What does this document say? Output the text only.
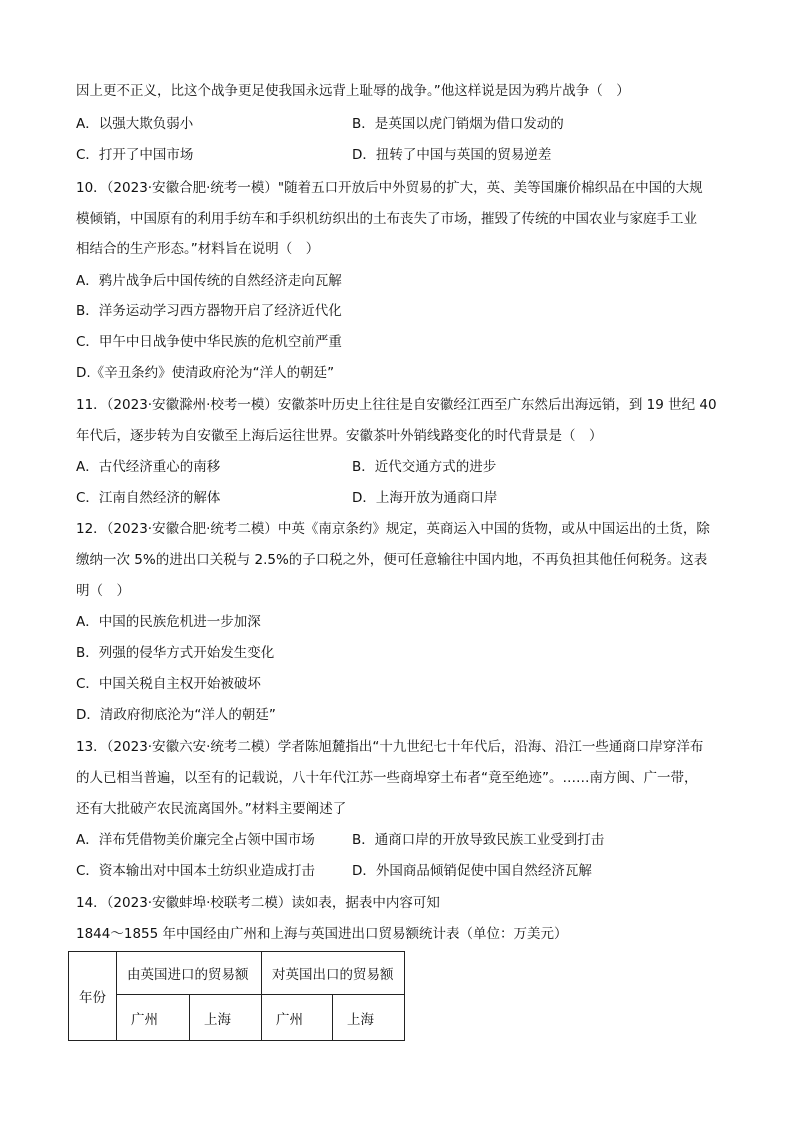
因上更不正义，比这个战争更足使我国永远背上耻辱的战争。”他这样说是因为鸦片战争（　）
A．以强大欺负弱小	B．是英国以虎门销烟为借口发动的
C．打开了中国市场	D．扭转了中国与英国的贸易逆差
10．（2023·安徽合肥·统考一模）"随着五口开放后中外贸易的扩大，英、美等国廉价棉织品在中国的大规
模倾销，中国原有的利用手纺车和手织机纺织出的土布丧失了市场，摧毁了传统的中国农业与家庭手工业
相结合的生产形态。”材料旨在说明（　）
A．鸦片战争后中国传统的自然经济走向瓦解
B．洋务运动学习西方器物开启了经济近代化
C．甲午中日战争使中华民族的危机空前严重
D.《辛丑条约》使清政府沦为“洋人的朝廷”
11．（2023·安徽滁州·校考一模）安徽茶叶历史上往往是自安徽经江西至广东然后出海远销，到 19 世纪 40
年代后，逐步转为自安徽至上海后运往世界。安徽茶叶外销线路变化的时代背景是（　）
A．古代经济重心的南移	B．近代交通方式的进步
C．江南自然经济的解体	D．上海开放为通商口岸
12．（2023·安徽合肥·统考二模）中英《南京条约》规定，英商运入中国的货物，或从中国运出的土货，除
缴纳一次 5%的进出口关税与 2.5%的子口税之外，便可任意输往中国内地，不再负担其他任何税务。这表
明（　）
A．中国的民族危机进一步加深
B．列强的侵华方式开始发生变化
C．中国关税自主权开始被破坏
D．清政府彻底沦为“洋人的朝廷”
13．（2023·安徽六安·统考二模）学者陈旭麓指出“十九世纪七十年代后，沿海、沿江一些通商口岸穿洋布
的人已相当普遍，以至有的记载说，八十年代江苏一些商埠穿土布者“竟至绝迹”。……南方闽、广一带，
还有大批破产农民流离国外。”材料主要阐述了
A．洋布凭借物美价廉完全占领中国市场	B．通商口岸的开放导致民族工业受到打击
C．资本输出对中国本土纺织业造成打击	D．外国商品倾销促使中国自然经济瓦解
14．（2023·安徽蚌埠·校联考二模）读如表，据表中内容可知
1844～1855 年中国经由广州和上海与英国进出口贸易额统计表（单位：万美元）
年份	由英国进口的贸易额		对英国出口的贸易额	
	广州	上海	广州	上海
